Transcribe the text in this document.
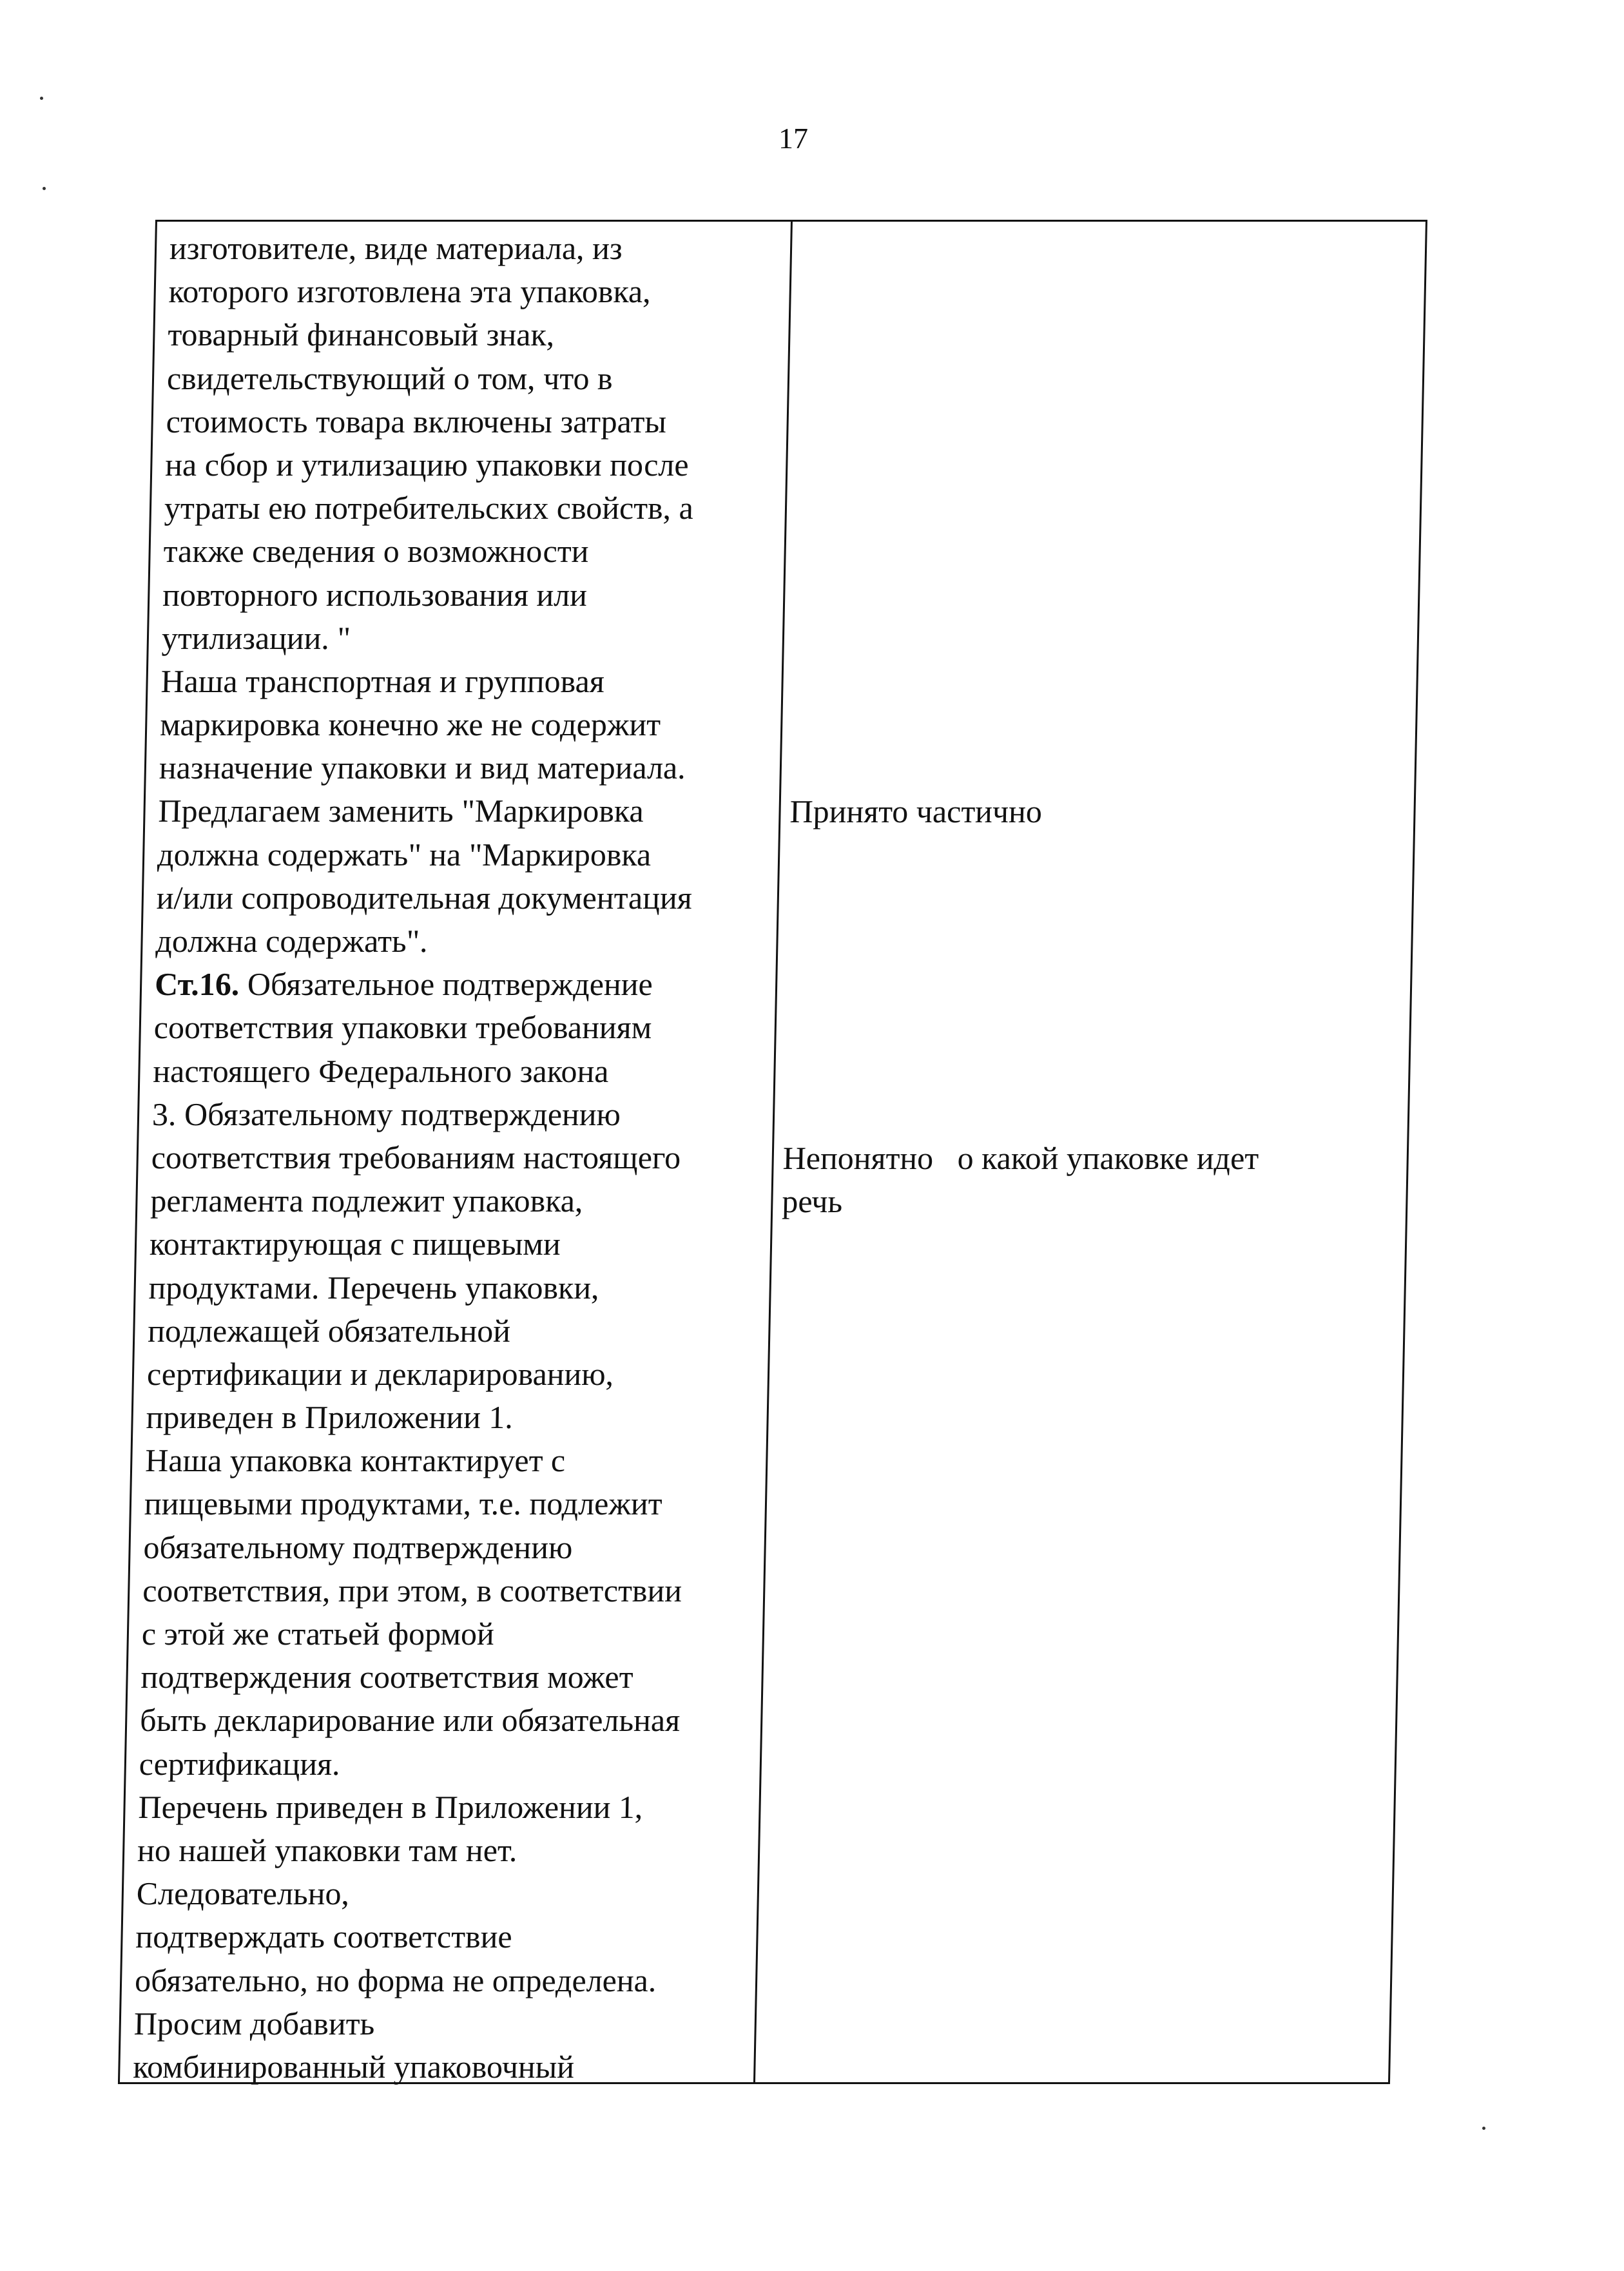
17
изготовителе, виде материала, из
которого изготовлена эта упаковка,
товарный финансовый знак,
свидетельствующий о том, что в
стоимость товара включены затраты
на сбор и утилизацию упаковки после
утраты ею потребительских свойств, а
также сведения о возможности
повторного использования или
утилизации. "
Наша транспортная и групповая
маркировка конечно же не содержит
назначение упаковки и вид материала.
Предлагаем заменить "Маркировка
должна содержать" на "Маркировка
и/или сопроводительная документация
должна содержать".
Ст.16. Обязательное подтверждение
соответствия упаковки требованиям
настоящего Федерального закона
3. Обязательному подтверждению
соответствия требованиям настоящего
регламента подлежит упаковка,
контактирующая с пищевыми
продуктами. Перечень упаковки,
подлежащей обязательной
сертификации и декларированию,
приведен в Приложении 1.
Наша упаковка контактирует с
пищевыми продуктами, т.е. подлежит
обязательному подтверждению
соответствия, при этом, в соответствии
с этой же статьей формой
подтверждения соответствия может
быть декларирование или обязательная
сертификация.
Перечень приведен в Приложении 1,
но нашей упаковки там нет.
Следовательно,
подтверждать соответствие
обязательно, но форма не определена.
Просим добавить
комбинированный упаковочный
Принято частично
Непонятно   о какой упаковке идет
речь
